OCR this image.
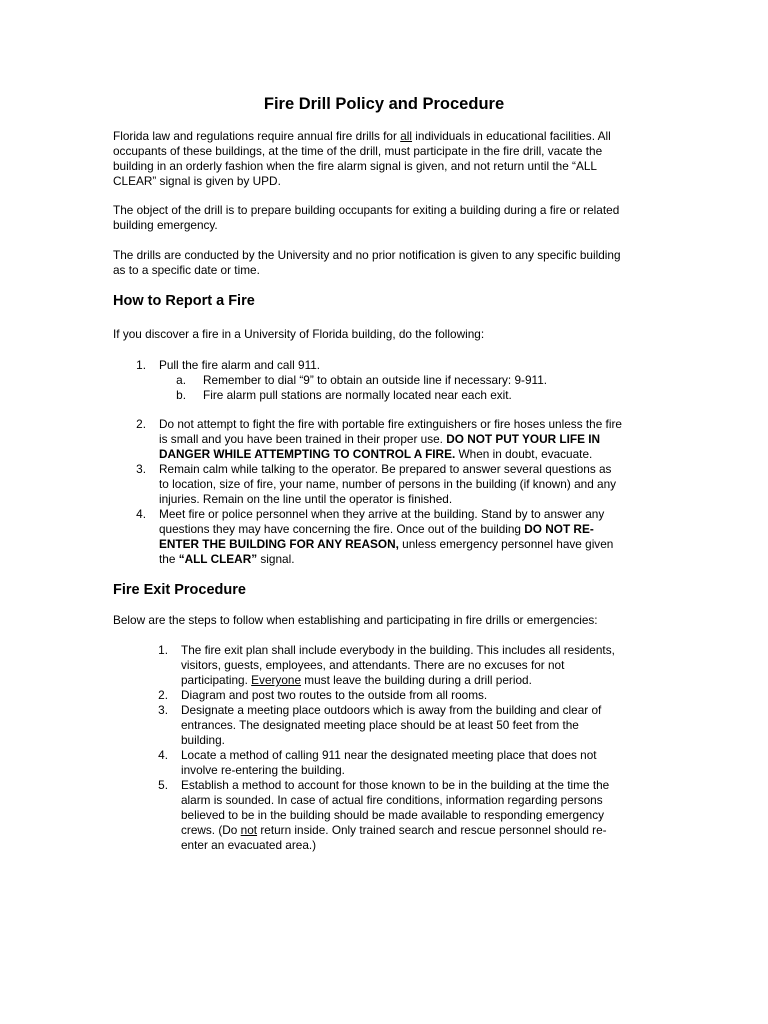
Fire Drill Policy and Procedure
Florida law and regulations require annual fire drills for all individuals in educational facilities. All
occupants of these buildings, at the time of the drill, must participate in the fire drill, vacate the
building in an orderly fashion when the fire alarm signal is given, and not return until the “ALL
CLEAR” signal is given by UPD.
The object of the drill is to prepare building occupants for exiting a building during a fire or related
building emergency.
The drills are conducted by the University and no prior notification is given to any specific building
as to a specific date or time.
How to Report a Fire
If you discover a fire in a University of Florida building, do the following:
1. Pull the fire alarm and call 911.
a. Remember to dial “9” to obtain an outside line if necessary: 9-911.
b. Fire alarm pull stations are normally located near each exit.
2. Do not attempt to fight the fire with portable fire extinguishers or fire hoses unless the fire
is small and you have been trained in their proper use. DO NOT PUT YOUR LIFE IN
DANGER WHILE ATTEMPTING TO CONTROL A FIRE. When in doubt, evacuate.
3. Remain calm while talking to the operator. Be prepared to answer several questions as
to location, size of fire, your name, number of persons in the building (if known) and any
injuries. Remain on the line until the operator is finished.
4. Meet fire or police personnel when they arrive at the building. Stand by to answer any
questions they may have concerning the fire. Once out of the building DO NOT RE-
ENTER THE BUILDING FOR ANY REASON, unless emergency personnel have given
the “ALL CLEAR” signal.
Fire Exit Procedure
Below are the steps to follow when establishing and participating in fire drills or emergencies:
1. The fire exit plan shall include everybody in the building. This includes all residents,
visitors, guests, employees, and attendants. There are no excuses for not
participating. Everyone must leave the building during a drill period.
2. Diagram and post two routes to the outside from all rooms.
3. Designate a meeting place outdoors which is away from the building and clear of
entrances. The designated meeting place should be at least 50 feet from the
building.
4. Locate a method of calling 911 near the designated meeting place that does not
involve re-entering the building.
5. Establish a method to account for those known to be in the building at the time the
alarm is sounded. In case of actual fire conditions, information regarding persons
believed to be in the building should be made available to responding emergency
crews. (Do not return inside. Only trained search and rescue personnel should re-
enter an evacuated area.)
